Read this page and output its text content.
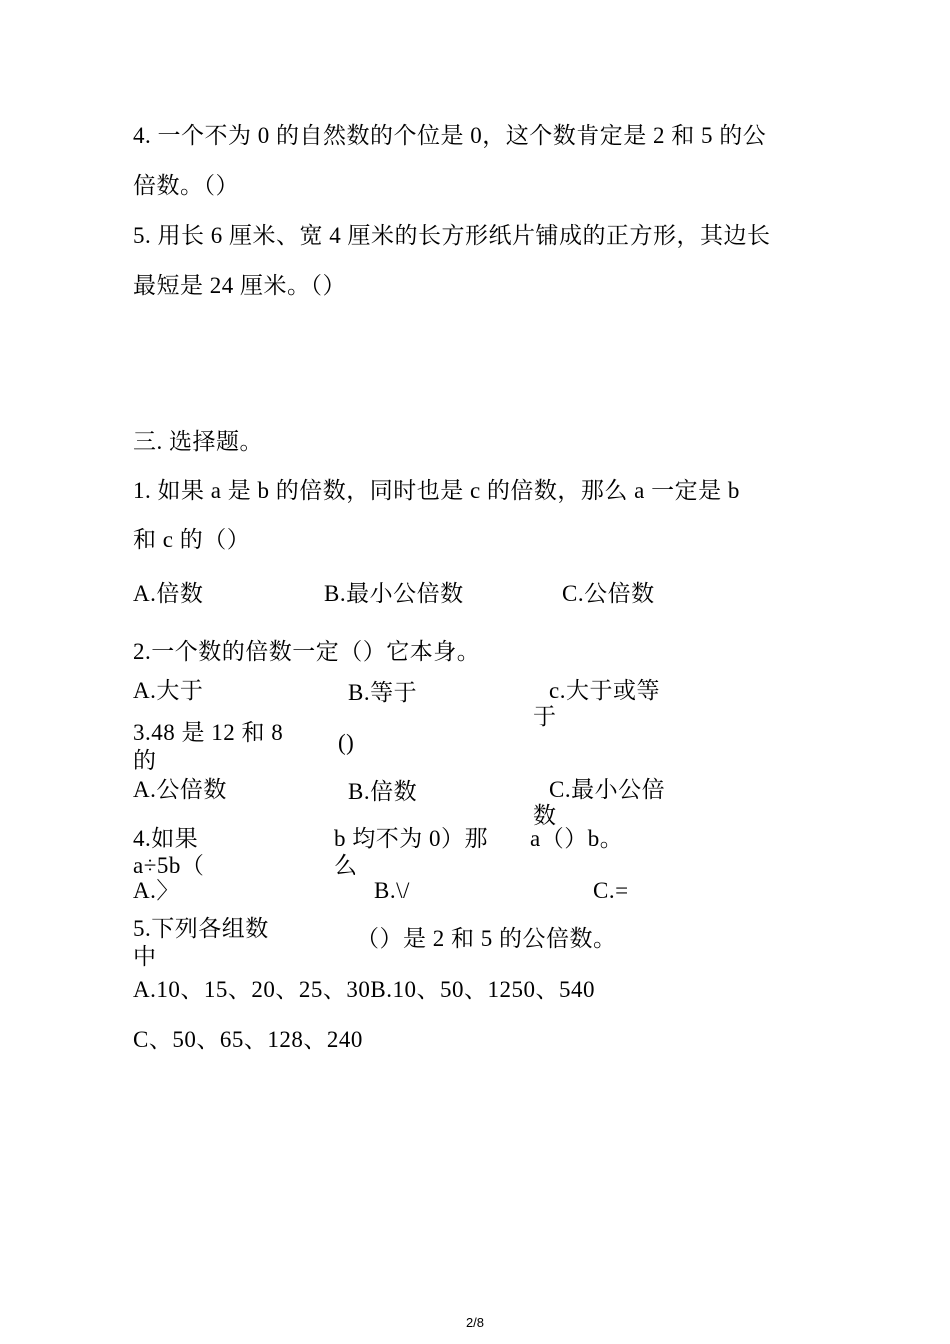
4. 一个不为 0 的自然数的个位是 0，这个数肯定是 2 和 5 的公
倍数。（）
5. 用长 6 厘米、宽 4 厘米的长方形纸片铺成的正方形，其边长
最短是 24 厘米。（）
三. 选择题。
1. 如果 a 是 b 的倍数，同时也是 c 的倍数，那么 a 一定是 b
和 c 的（）
A.倍数	B.最小公倍数	C.公倍数
2.一个数的倍数一定（）它本身。
A.大于	B.等于	c.大于或等
于
3.48 是 12 和 8
的
()
A.公倍数	B.倍数	C.最小公倍
数
4.如果
a÷5b（
b 均不为 0）那
么
a（）b。
A.〉	B.\/	C.=
5.下列各组数
中
（）是 2 和 5 的公倍数。
A.10、15、20、25、30B.10、50、1250、540
C、50、65、128、240
2/8
